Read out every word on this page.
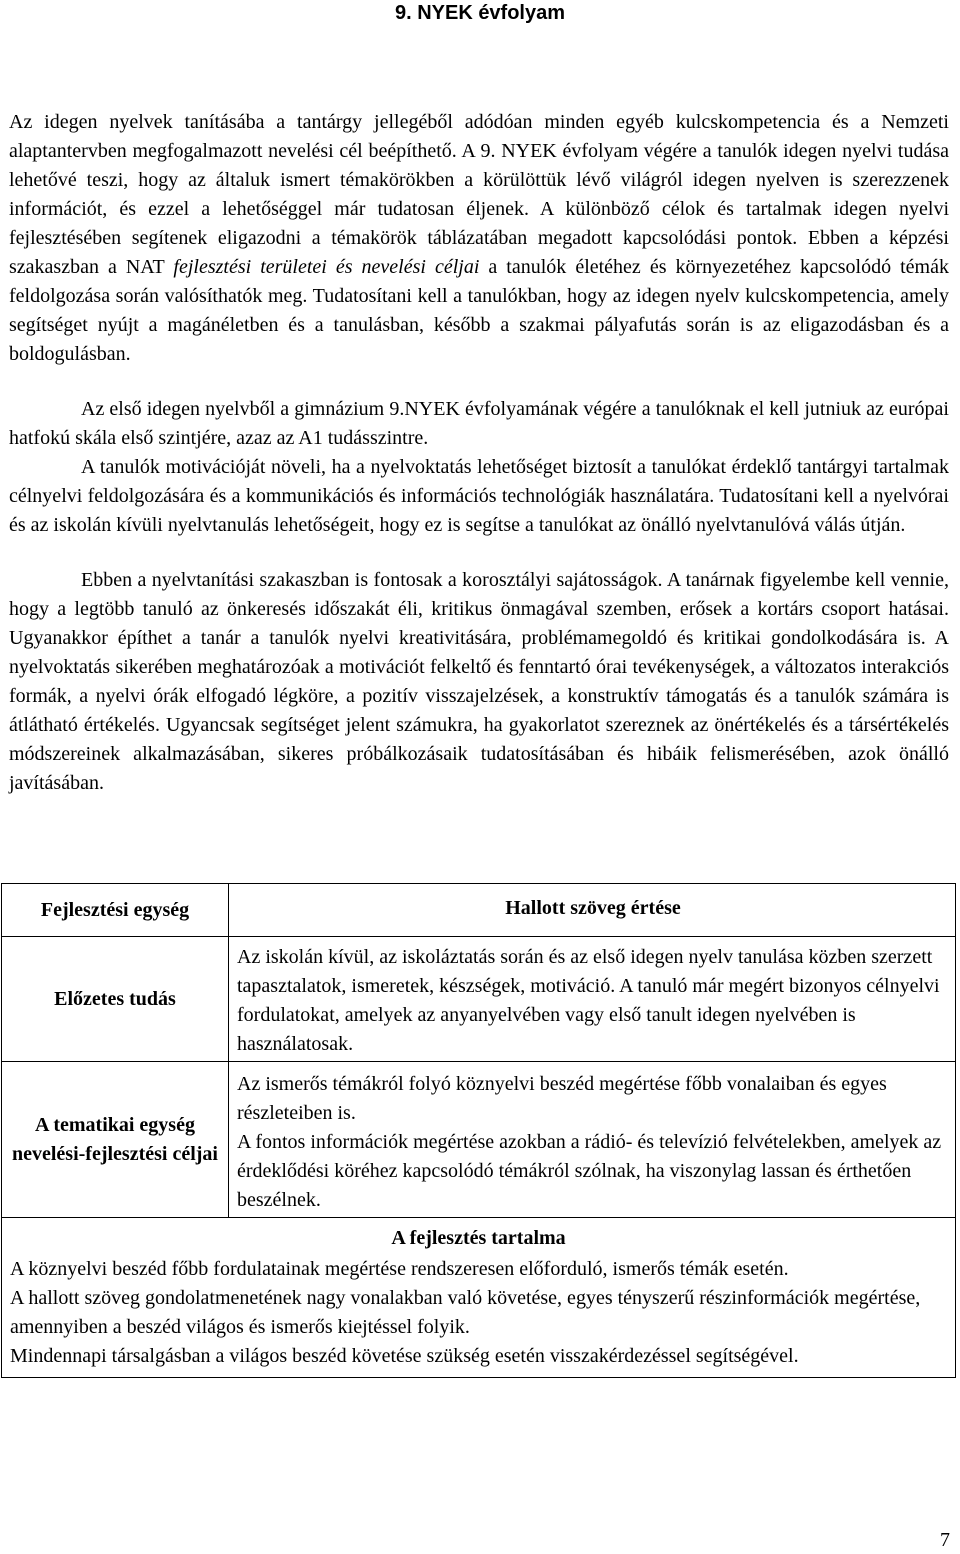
9. NYEK évfolyam

Az idegen nyelvek tanításába a tantárgy jellegéből adódóan minden egyéb kulcskompetencia és a Nemzeti alaptantervben megfogalmazott nevelési cél beépíthető. A 9. NYEK évfolyam végére a tanulók idegen nyelvi tudása lehetővé teszi, hogy az általuk ismert témakörökben a körülöttük lévő világról idegen nyelven is szerezzenek információt, és ezzel a lehetőséggel már tudatosan éljenek. A különböző célok és tartalmak idegen nyelvi fejlesztésében segítenek eligazodni a témakörök táblázatában megadott kapcsolódási pontok. Ebben a képzési szakaszban a NAT fejlesztési területei és nevelési céljai a tanulók életéhez és környezetéhez kapcsolódó témák feldolgozása során valósíthatók meg. Tudatosítani kell a tanulókban, hogy az idegen nyelv kulcskompetencia, amely segítséget nyújt a magánéletben és a tanulásban, később a szakmai pályafutás során is az eligazodásban és a boldogulásban.

Az első idegen nyelvből a gimnázium 9.NYEK évfolyamának végére a tanulóknak el kell jutniuk az európai hatfokú skála első szintjére, azaz az A1 tudásszintre.

A tanulók motivációját növeli, ha a nyelvoktatás lehetőséget biztosít a tanulókat érdeklő tantárgyi tartalmak célnyelvi feldolgozására és a kommunikációs és információs technológiák használatára. Tudatosítani kell a nyelvórai és az iskolán kívüli nyelvtanulás lehetőségeit, hogy ez is segítse a tanulókat az önálló nyelvtanulóvá válás útján.

Ebben a nyelvtanítási szakaszban is fontosak a korosztályi sajátosságok. A tanárnak figyelembe kell vennie, hogy a legtöbb tanuló az önkeresés időszakát éli, kritikus önmagával szemben, erősek a kortárs csoport hatásai. Ugyanakkor építhet a tanár a tanulók nyelvi kreativitására, problémamegoldó és kritikai gondolkodására is. A nyelvoktatás sikerében meghatározóak a motivációt felkeltő és fenntartó órai tevékenységek, a változatos interakciós formák, a nyelvi órák elfogadó légköre, a pozitív visszajelzések, a konstruktív támogatás és a tanulók számára is átlátható értékelés. Ugyancsak segítséget jelent számukra, ha gyakorlatot szereznek az önértékelés és a társértékelés módszereinek alkalmazásában, sikeres próbálkozásaik tudatosításában és hibáik felismerésében, azok önálló javításában.

Fejlesztési egység	Hallott szöveg értése
Előzetes tudás	Az iskolán kívül, az iskoláztatás során és az első idegen nyelv tanulása közben szerzett tapasztalatok, ismeretek, készségek, motiváció. A tanuló már megért bizonyos célnyelvi fordulatokat, amelyek az anyanyelvében vagy első tanult idegen nyelvében is használatosak.
A tematikai egység nevelési-fejlesztési céljai	Az ismerős témákról folyó köznyelvi beszéd megértése főbb vonalaiban és egyes részleteiben is.

A fontos információk megértése azokban a rádió- és televízió felvételekben, amelyek az érdeklődési köréhez kapcsolódó témákról szólnak, ha viszonylag lassan és érthetően beszélnek.

A fejlesztés tartalma

A köznyelvi beszéd főbb fordulatainak megértése rendszeresen előforduló, ismerős témák esetén.

A hallott szöveg gondolatmenetének nagy vonalakban való követése, egyes tényszerű részinformációk megértése, amennyiben a beszéd világos és ismerős kiejtéssel folyik.

Mindennapi társalgásban a világos beszéd követése szükség esetén visszakérdezéssel segítségével.	

7
